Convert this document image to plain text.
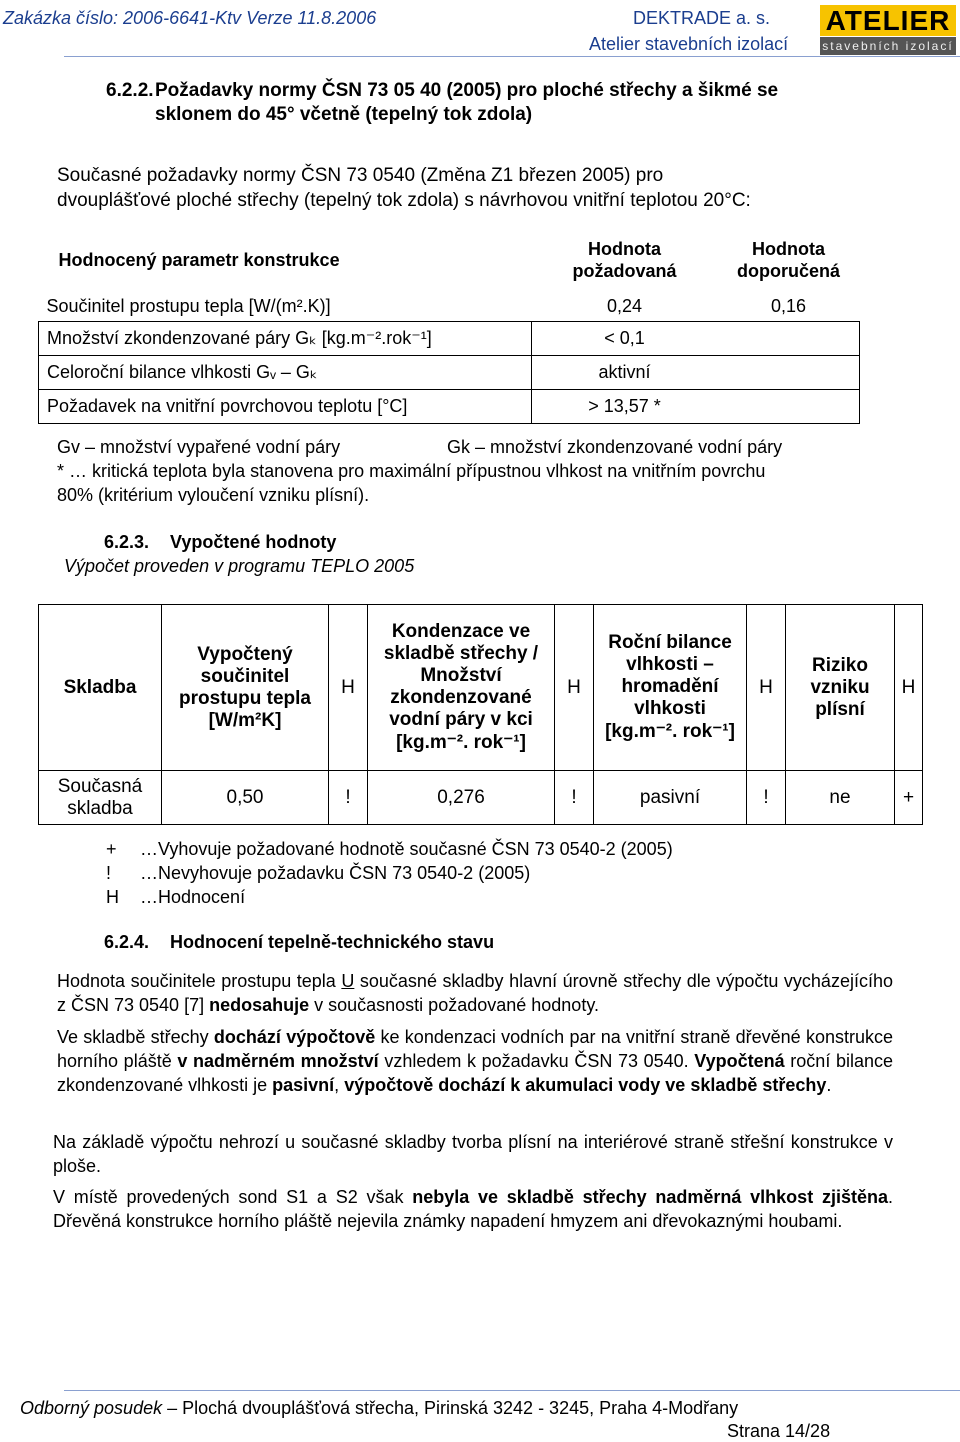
Zakázka číslo: 2006-6641-Ktv Verze 11.8.2006	DEKTRADE a. s.
Atelier stavebních izolací
ATELIER
stavebních izolací
6.2.2. Požadavky normy ČSN 73 05 40 (2005) pro ploché střechy a šikmé se
sklonem do 45° včetně (tepelný tok zdola)
Současné požadavky normy ČSN 73 0540 (Změna Z1 březen 2005) pro
dvouplášťové ploché střechy (tepelný tok zdola) s návrhovou vnitřní teplotou 20°C:
Hodnocený parametr konstrukce	Hodnota požadovaná	Hodnota doporučená
Součinitel prostupu tepla [W/(m².K)]	0,24	0,16
Množství zkondenzované páry Gₖ [kg.m⁻².rok⁻¹]	< 0,1	
Celoroční bilance vlhkosti Gᵥ – Gₖ	aktivní	
Požadavek na vnitřní povrchovou teplotu [°C]	> 13,57 *	
Gv – množství vypařené vodní páry	Gk – množství zkondenzované vodní páry
* … kritická teplota byla stanovena pro maximální přípustnou vlhkost na vnitřním povrchu
80% (kritérium vyloučení vzniku plísní).
6.2.3. Vypočtené hodnoty
Výpočet proveden v programu TEPLO 2005
Skladba	Vypočtený součinitel prostupu tepla [W/m²K]	H	Kondenzace ve skladbě střechy / Množství zkondenzované vodní páry v kci [kg.m⁻². rok⁻¹]	H	Roční bilance vlhkosti – hromadění vlhkosti [kg.m⁻². rok⁻¹]	H	Riziko vzniku plísní	H
Současná skladba	0,50	!	0,276	!	pasivní	!	ne	+
+ …Vyhovuje požadované hodnotě současné ČSN 73 0540-2 (2005)
! …Nevyhovuje požadavku ČSN 73 0540-2 (2005)
H …Hodnocení
6.2.4. Hodnocení tepelně-technického stavu

Hodnota součinitele prostupu tepla U současné skladby hlavní úrovně střechy dle výpočtu vycházejícího z ČSN 73 0540 [7] nedosahuje v současnosti požadované hodnoty.

Ve skladbě střechy dochází výpočtově ke kondenzaci vodních par na vnitřní straně dřevěné konstrukce horního pláště v nadměrném množství vzhledem k požadavku ČSN 73 0540. Vypočtená roční bilance zkondenzované vlhkosti je pasivní, výpočtově dochází k akumulaci vody ve skladbě střechy.

Na základě výpočtu nehrozí u současné skladby tvorba plísní na interiérové straně střešní konstrukce v ploše.

V místě provedených sond S1 a S2 však nebyla ve skladbě střechy nadměrná vlhkost zjištěna. Dřevěná konstrukce horního pláště nejevila známky napadení hmyzem ani dřevokaznými houbami.

Odborný posudek – Plochá dvouplášťová střecha, Pirinská 3242 - 3245, Praha 4-Modřany
Strana 14/28
